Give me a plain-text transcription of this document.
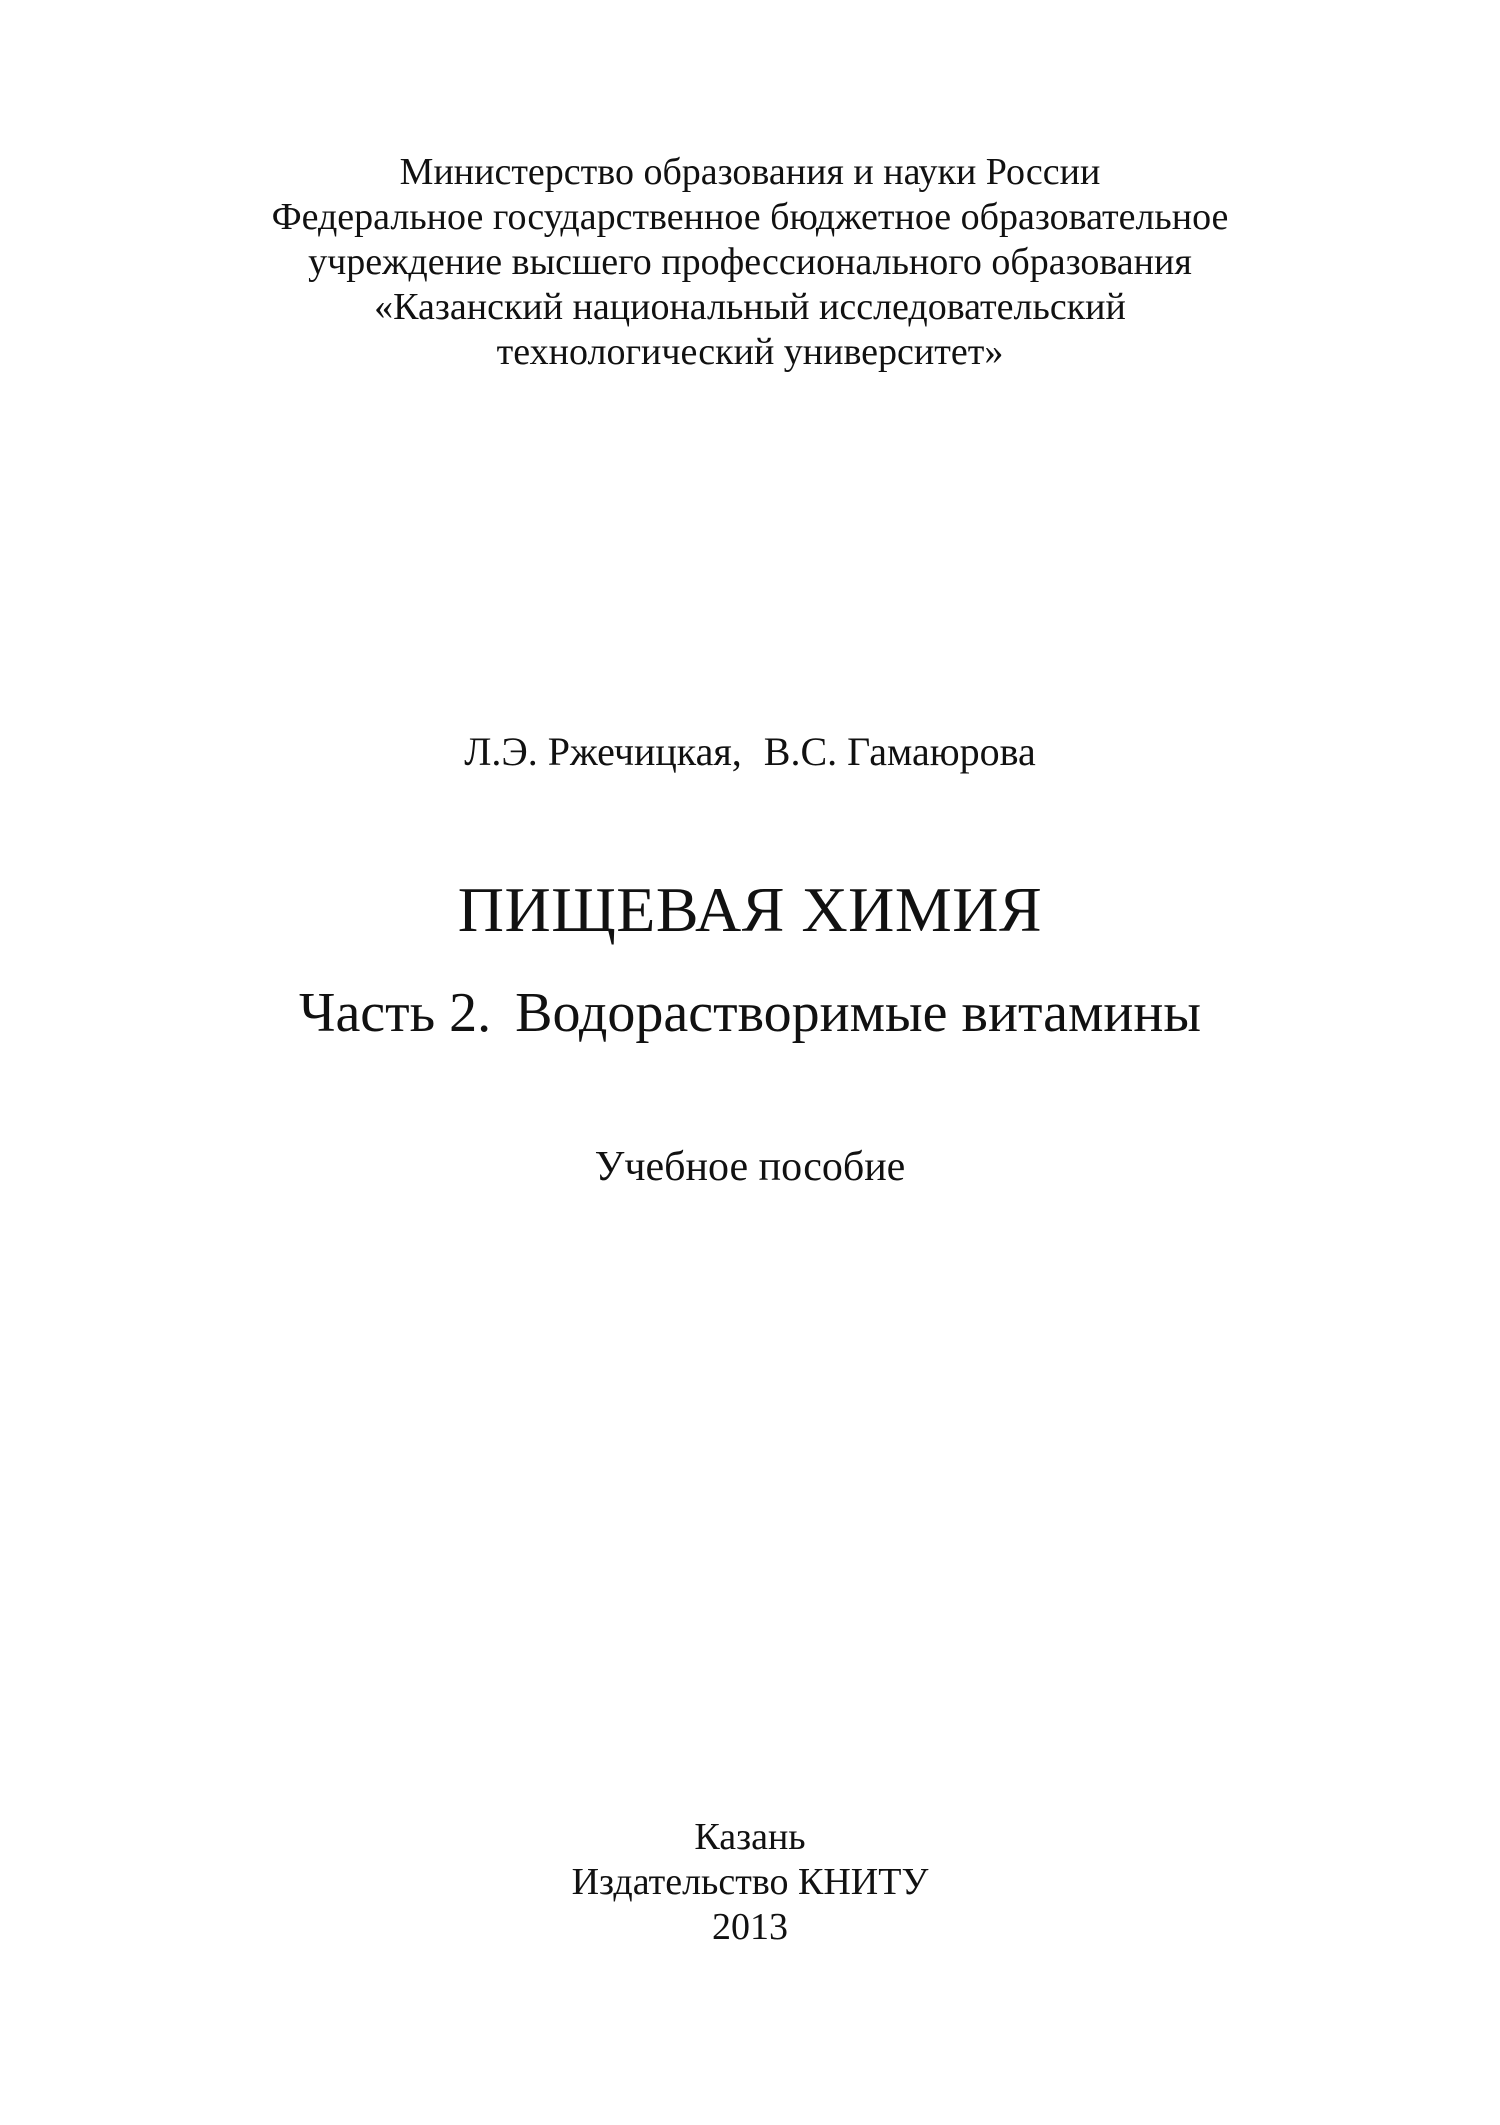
Министерство образования и науки России
Федеральное государственное бюджетное образовательное
учреждение высшего профессионального образования
«Казанский национальный исследовательский
технологический университет»
Л.Э. Ржечицкая, В.С. Гамаюрова
ПИЩЕВАЯ ХИМИЯ
Часть 2. Водорастворимые витамины
Учебное пособие
Казань
Издательство КНИТУ
2013
